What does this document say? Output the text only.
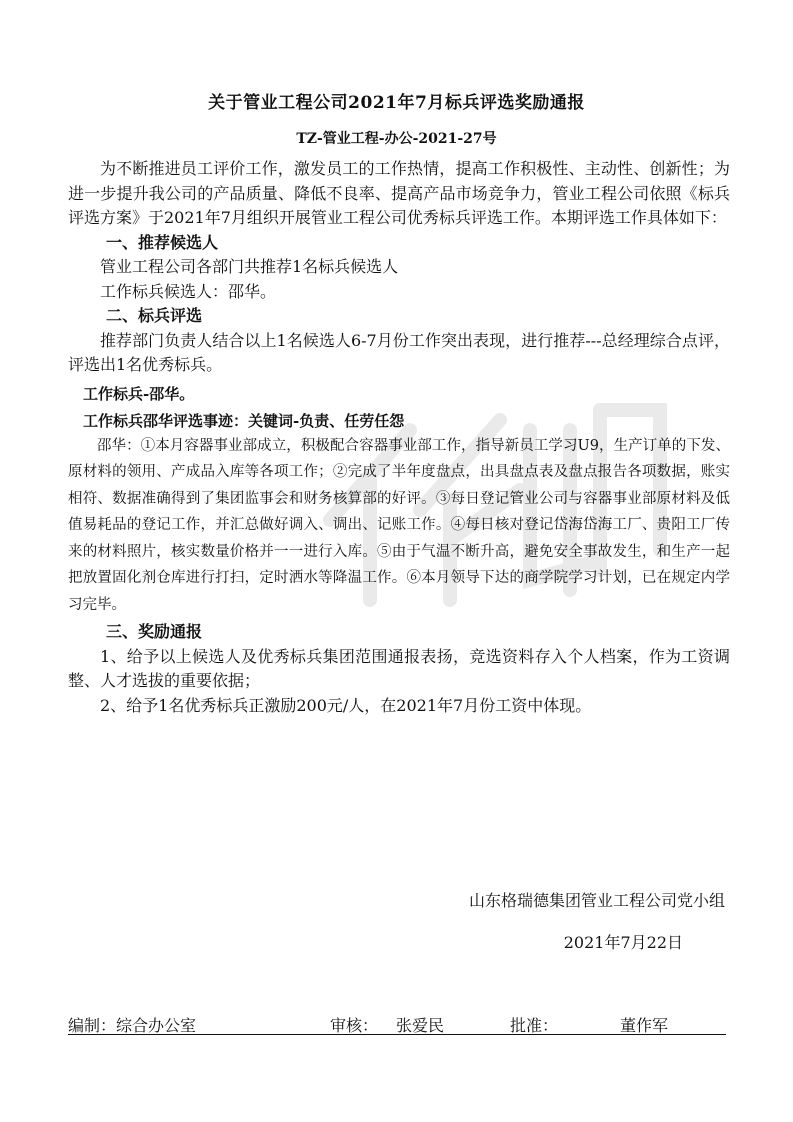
关于管业工程公司2021年7月标兵评选奖励通报
TZ-管业工程-办公-2021-27号

为不断推进员工评价工作，激发员工的工作热情，提高工作积极性、主动性、创新性；为进一步提升我公司的产品质量、降低不良率、提高产品市场竞争力，管业工程公司依照《标兵评选方案》于2021年7月组织开展管业工程公司优秀标兵评选工作。本期评选工作具体如下：

一、推荐候选人

管业工程公司各部门共推荐1名标兵候选人

工作标兵候选人：邵华。

二、标兵评选

推荐部门负责人结合以上1名候选人6-7月份工作突出表现，进行推荐---总经理综合点评，评选出1名优秀标兵。

工作标兵-邵华。

工作标兵邵华评选事迹：关键词-负责、任劳任怨

邵华：①本月容器事业部成立，积极配合容器事业部工作，指导新员工学习U9，生产订单的下发、原材料的领用、产成品入库等各项工作；②完成了半年度盘点，出具盘点表及盘点报告各项数据，账实相符、数据准确得到了集团监事会和财务核算部的好评。③每日登记管业公司与容器事业部原材料及低值易耗品的登记工作，并汇总做好调入、调出、记账工作。④每日核对登记岱海岱海工厂、贵阳工厂传来的材料照片，核实数量价格并一一进行入库。⑤由于气温不断升高，避免安全事故发生，和生产一起把放置固化剂仓库进行打扫，定时洒水等降温工作。⑥本月领导下达的商学院学习计划，已在规定内学习完毕。

三、奖励通报

1、给予以上候选人及优秀标兵集团范围通报表扬，竞选资料存入个人档案，作为工资调整、人才选拔的重要依据；

2、给予1名优秀标兵正激励200元/人，在2021年7月份工资中体现。

山东格瑞德集团管业工程公司党小组
2021年7月22日
编制：综合办公室	审核： 张爱民	批准：	董作军
